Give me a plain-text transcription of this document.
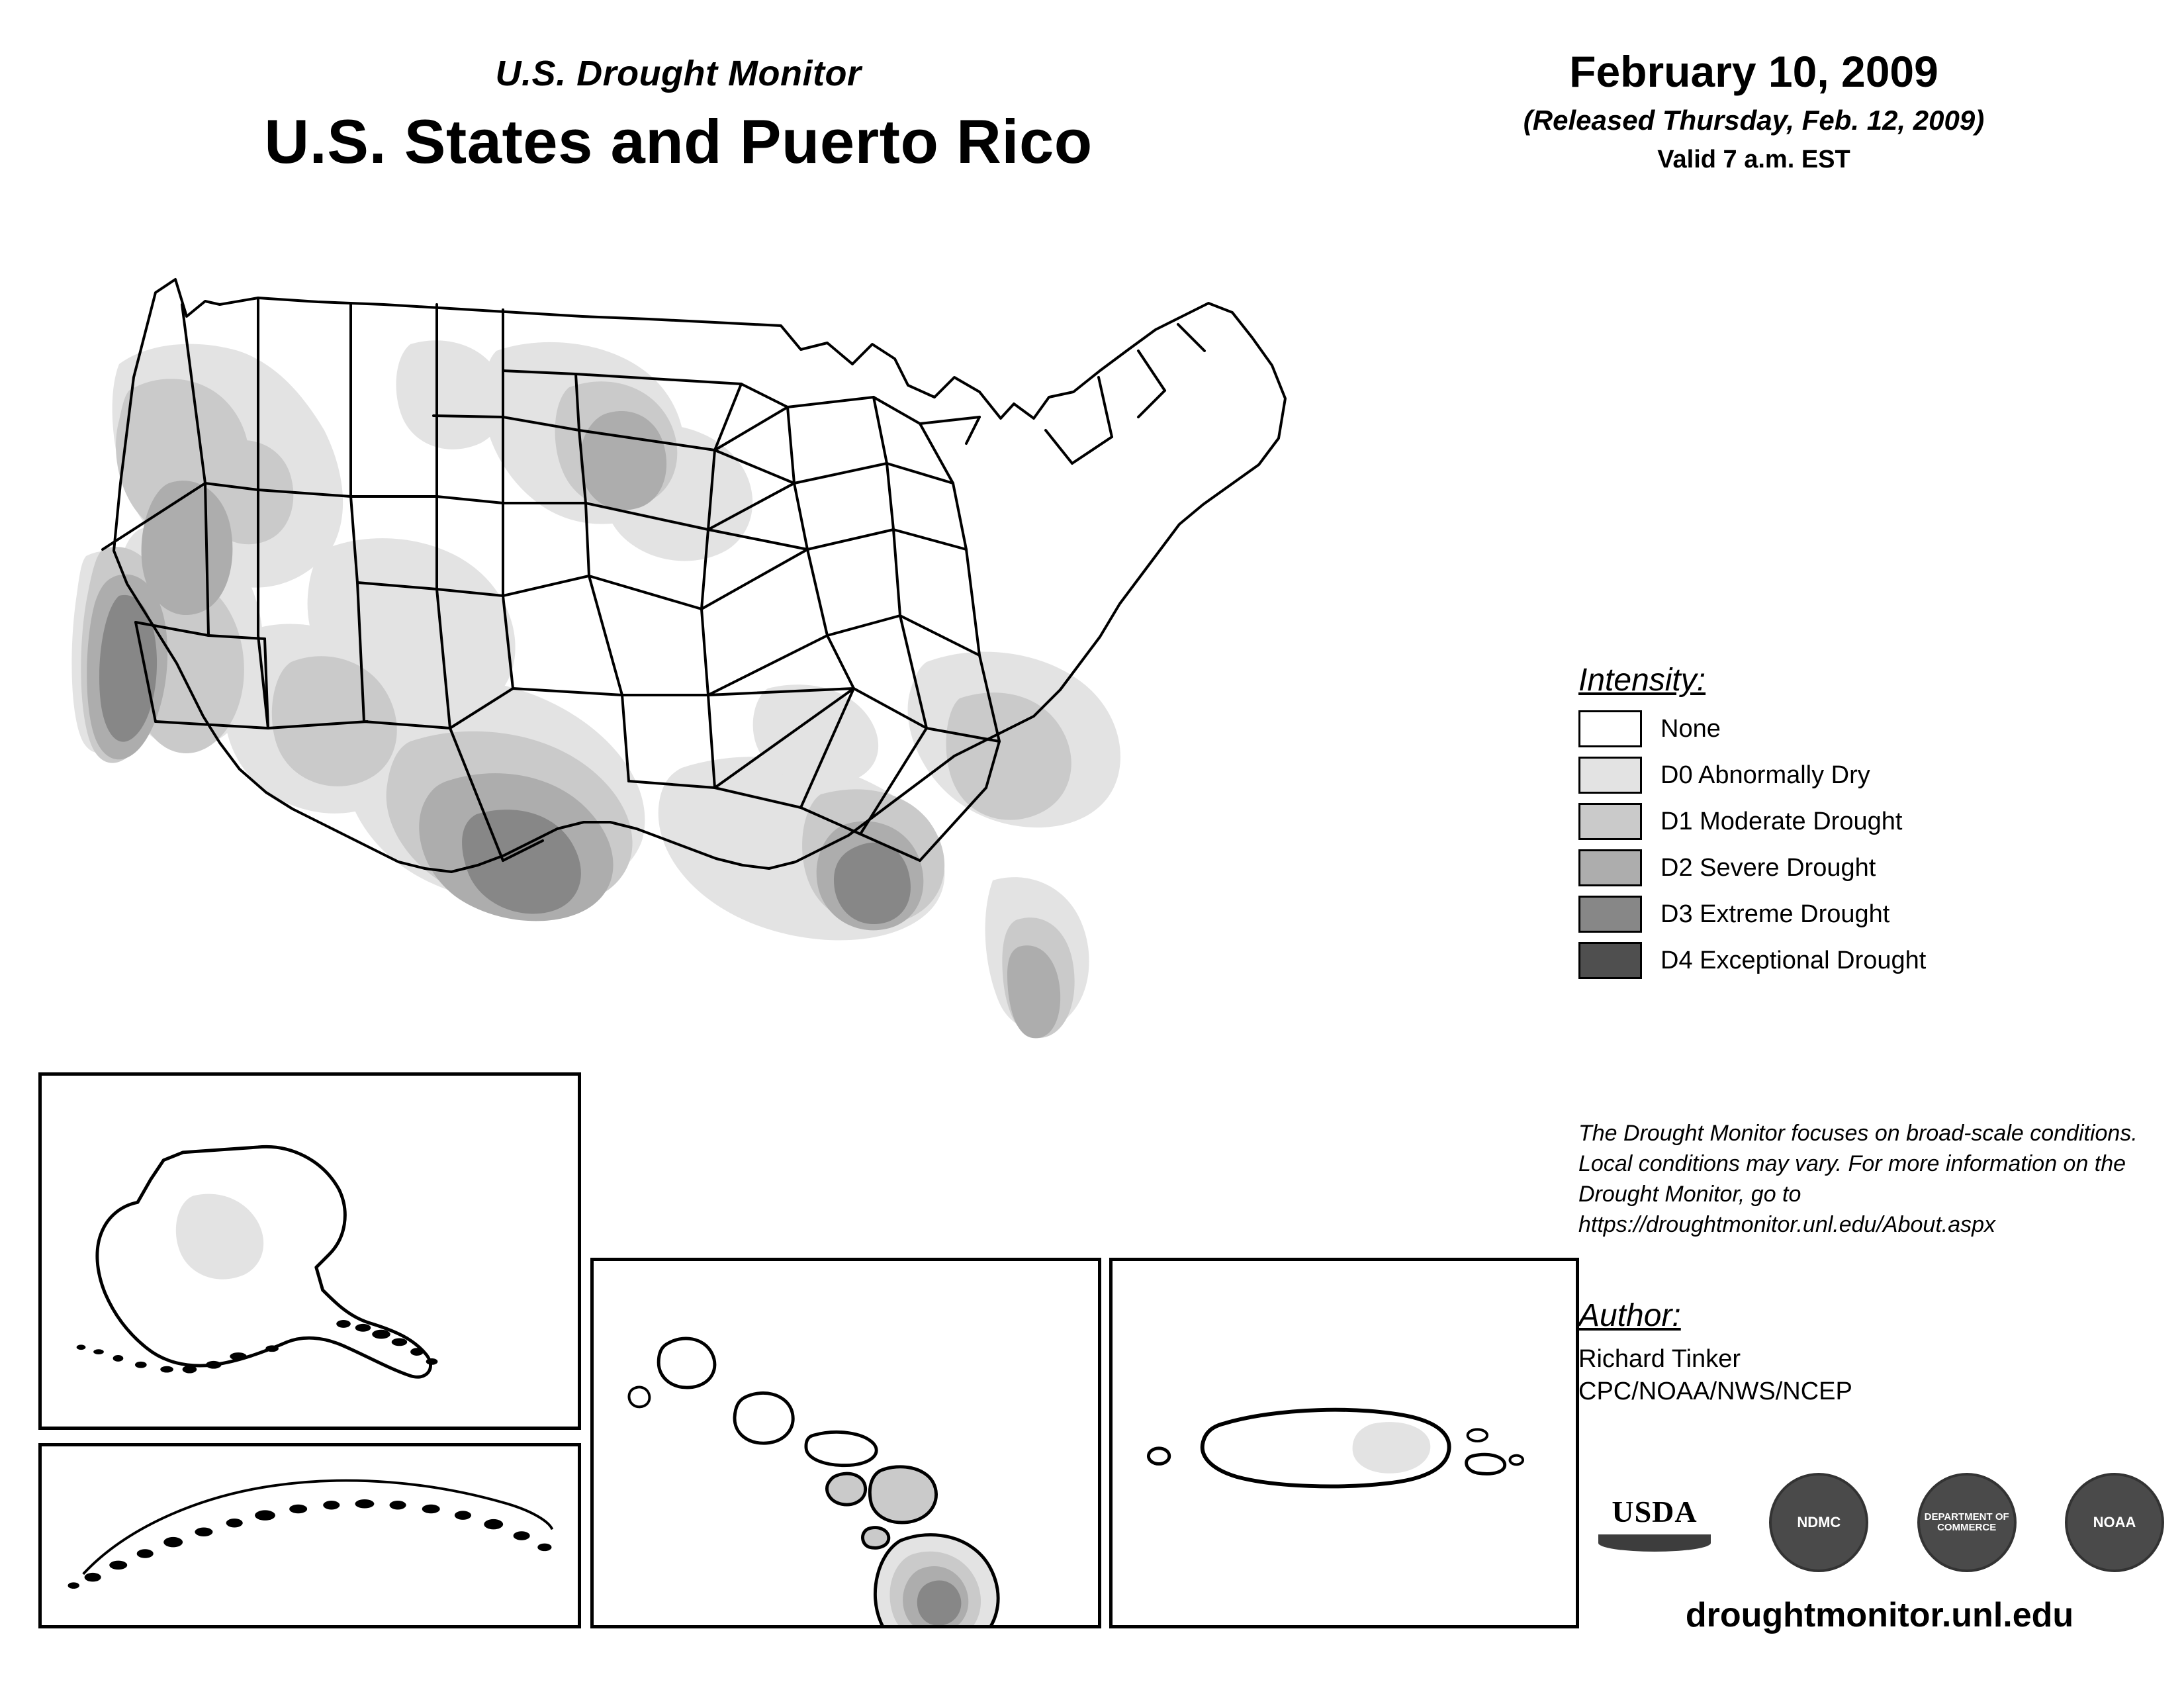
U.S. Drought Monitor
U.S. States and Puerto Rico
February 10, 2009
(Released Thursday, Feb. 12, 2009)
Valid 7 a.m. EST
Intensity:
None
D0 Abnormally Dry
D1 Moderate Drought
D2 Severe Drought
D3 Extreme Drought
D4 Exceptional Drought
The Drought Monitor focuses on broad-scale conditions. Local conditions may vary. For more information on the Drought Monitor, go to https://droughtmonitor.unl.edu/About.aspx
Author:
Richard Tinker
CPC/NOAA/NWS/NCEP
USDA	NDMC	DEPARTMENT OF COMMERCE	NOAA
droughtmonitor.unl.edu
